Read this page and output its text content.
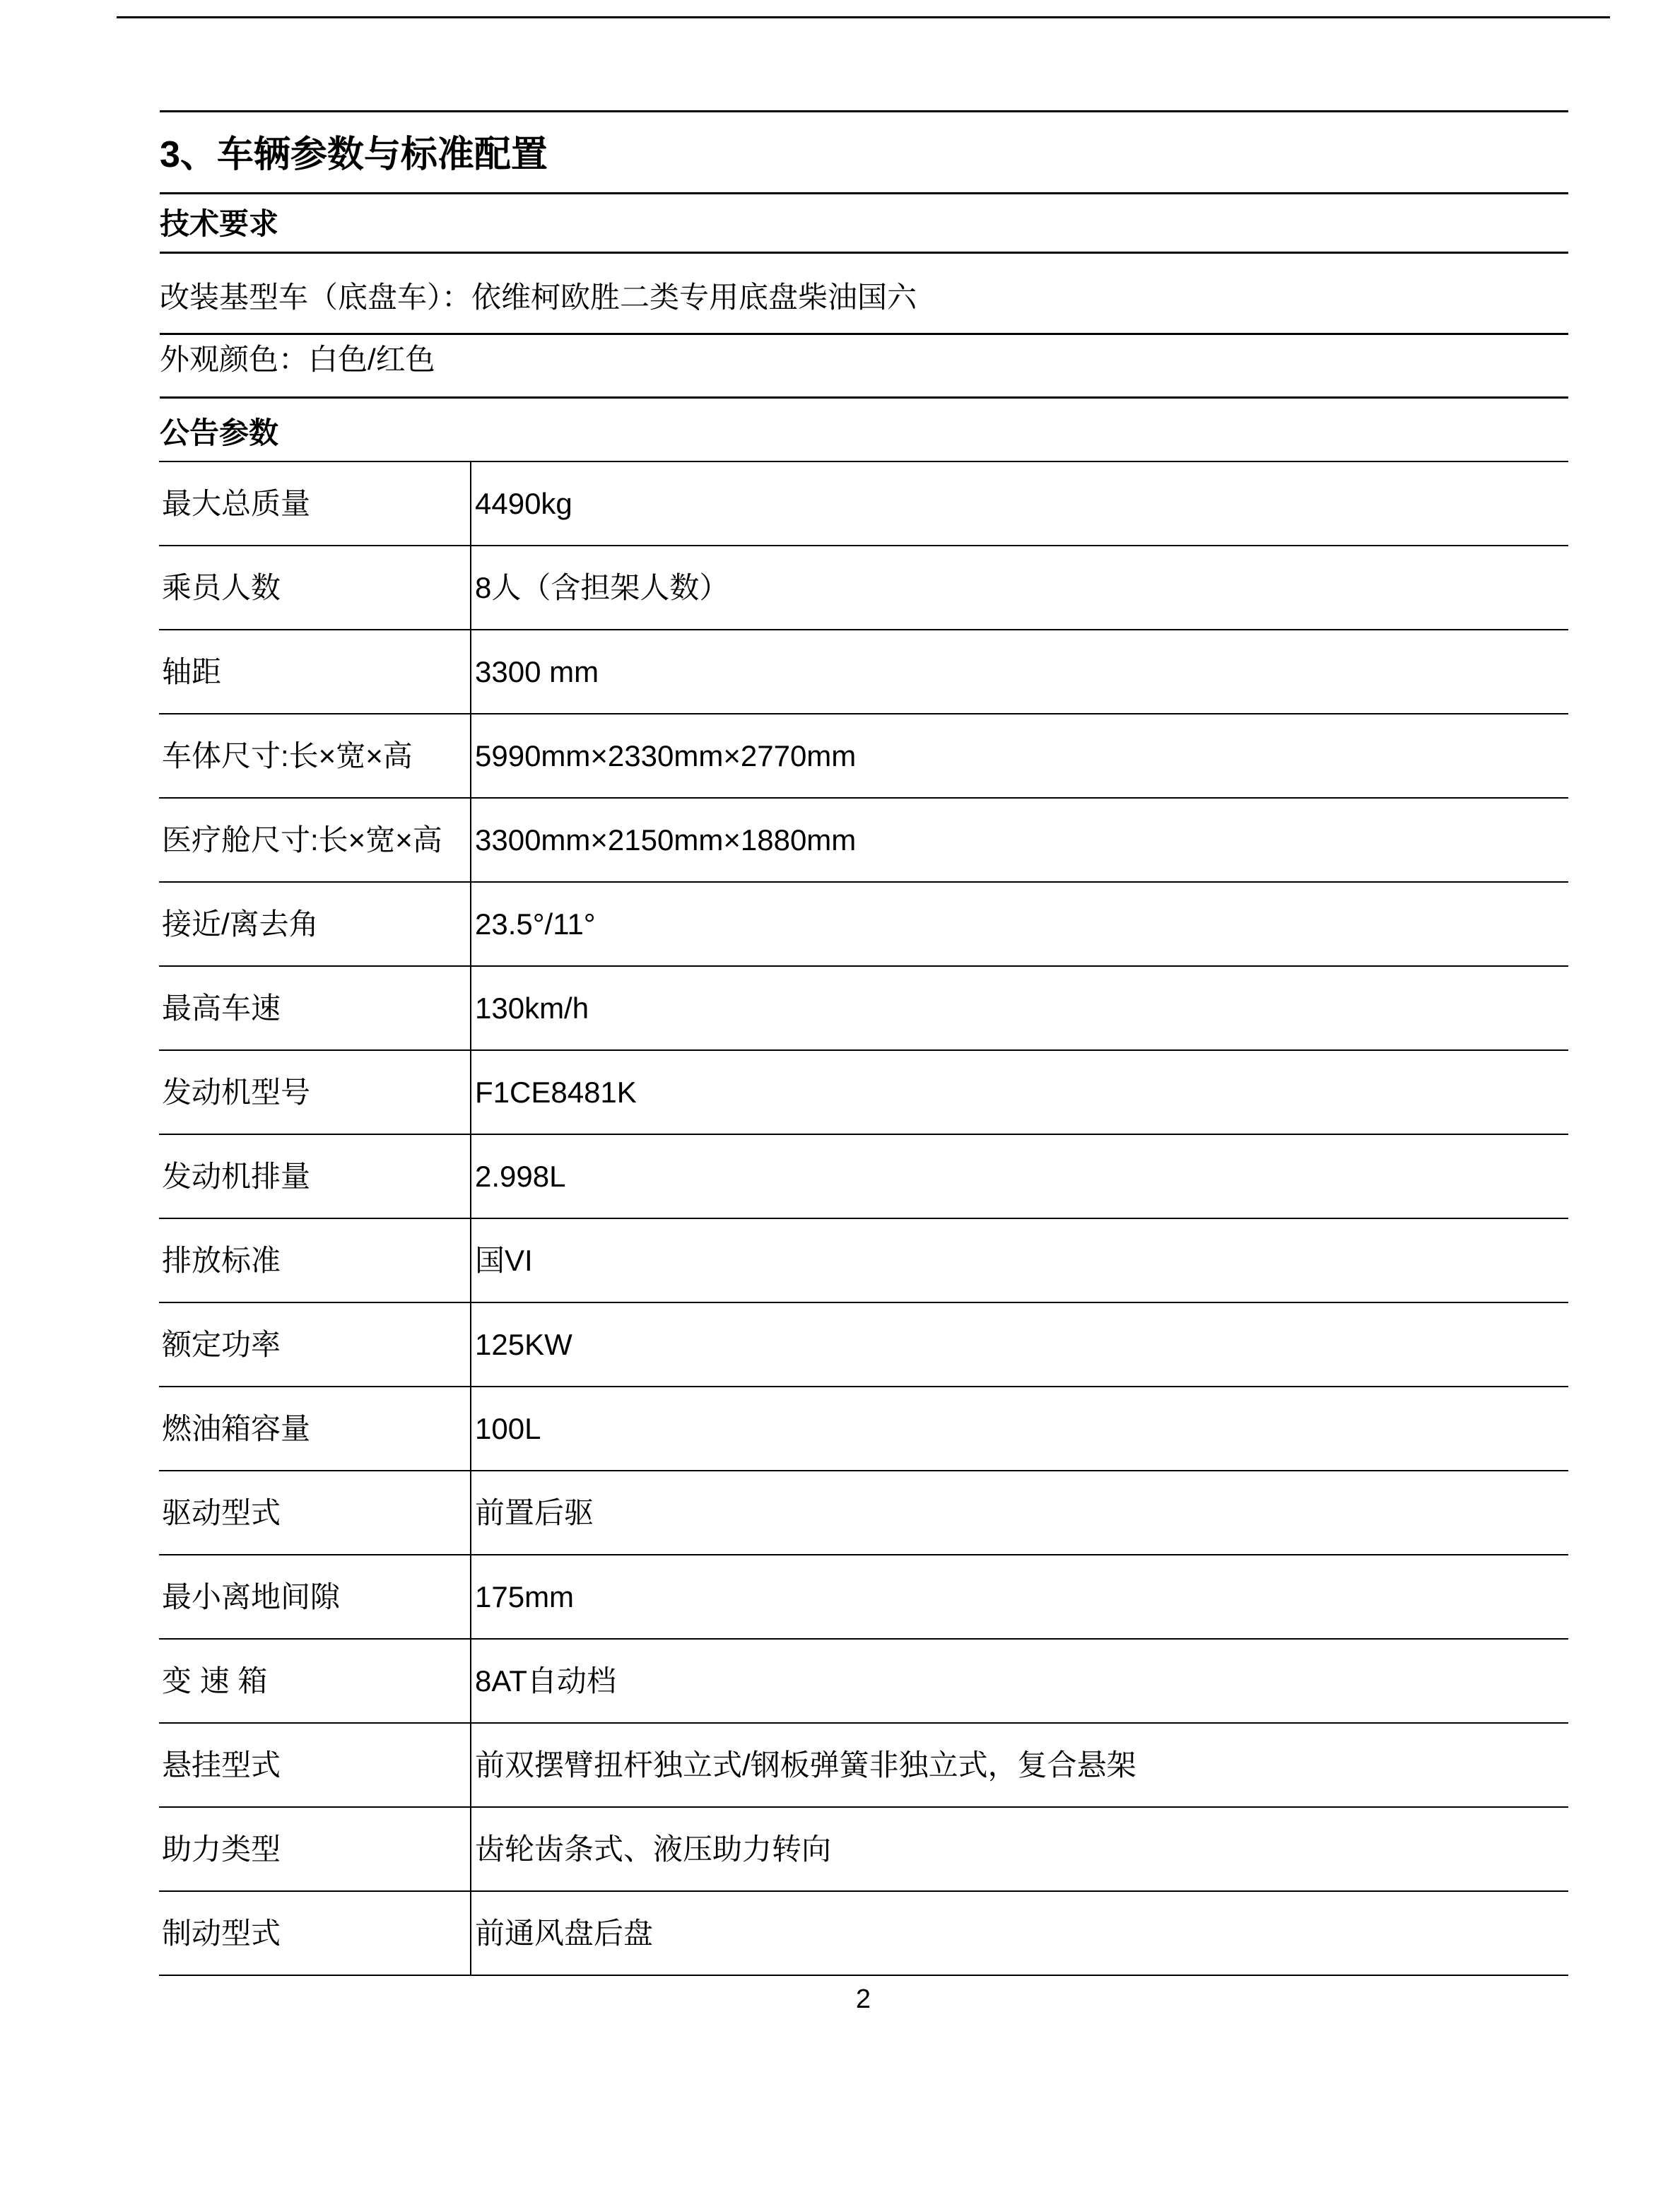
3、车辆参数与标准配置
技术要求
改装基型车（底盘车）：依维柯欧胜二类专用底盘柴油国六
外观颜色：白色/红色
公告参数
最大总质量	4490kg
乘员人数	8人（含担架人数）
轴距	3300 mm
车体尺寸:长×宽×高	5990mm×2330mm×2770mm
医疗舱尺寸:长×宽×高	3300mm×2150mm×1880mm
接近/离去角	23.5°/11°
最高车速	130km/h
发动机型号	F1CE8481K
发动机排量	2.998L
排放标准	国VI
额定功率	125KW
燃油箱容量	100L
驱动型式	前置后驱
最小离地间隙	175mm
变 速 箱	8AT自动档
悬挂型式	前双摆臂扭杆独立式/钢板弹簧非独立式，复合悬架
助力类型	齿轮齿条式、液压助力转向
制动型式	前通风盘后盘
2
